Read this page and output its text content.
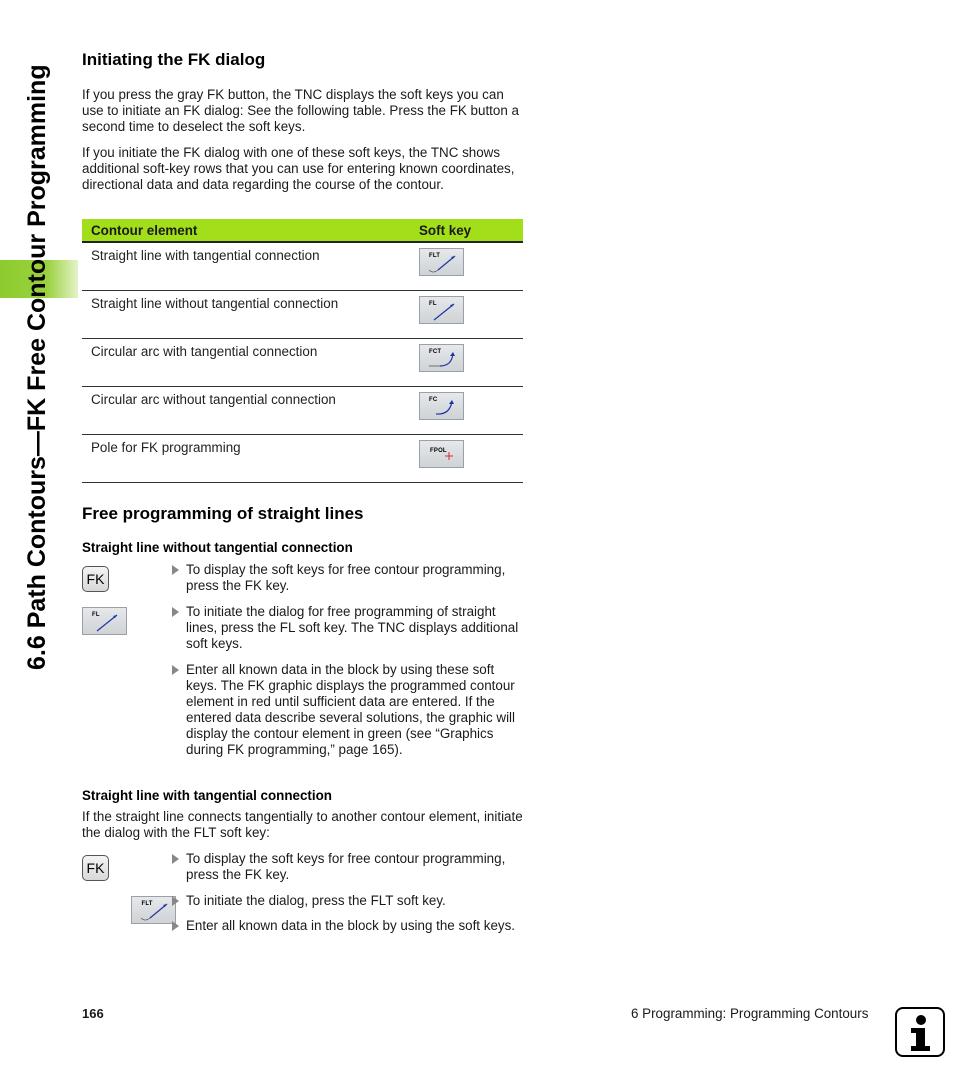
6.6 Path Contours—FK Free Contour Programming
Initiating the FK dialog

If you press the gray FK button, the TNC displays the soft keys you can use to initiate an FK dialog: See the following table. Press the FK button a second time to deselect the soft keys.

If you initiate the FK dialog with one of these soft keys, the TNC shows additional soft-key rows that you can use for entering known coordinates, directional data and data regarding the course of the contour.

Contour element	Soft key
Straight line with tangential connection	FLT

Straight line without tangential connection	FL

Circular arc with tangential connection	FCT

Circular arc without tangential connection	FC

Pole for FK programming	FPOL
Free programming of straight lines
Straight line without tangential connection
FK
To display the soft keys for free contour programming, press the FK key.
FL
	To initiate the dialog for free programming of straight lines, press the FL soft key. The TNC displays additional soft keys.
Enter all known data in the block by using these soft keys. The FK graphic displays the programmed contour element in red until sufficient data are entered. If the entered data describe several solutions, the graphic will display the contour element in green (see “Graphics during FK programming,” page 165).
Straight line with tangential connection

If the straight line connects tangentially to another contour element, initiate the dialog with the FLT soft key:

FK
To display the soft keys for free contour programming, press the FK key.
FLT	To initiate the dialog, press the FLT soft key.
Enter all known data in the block by using the soft keys.
166	6 Programming: Programming Contours
